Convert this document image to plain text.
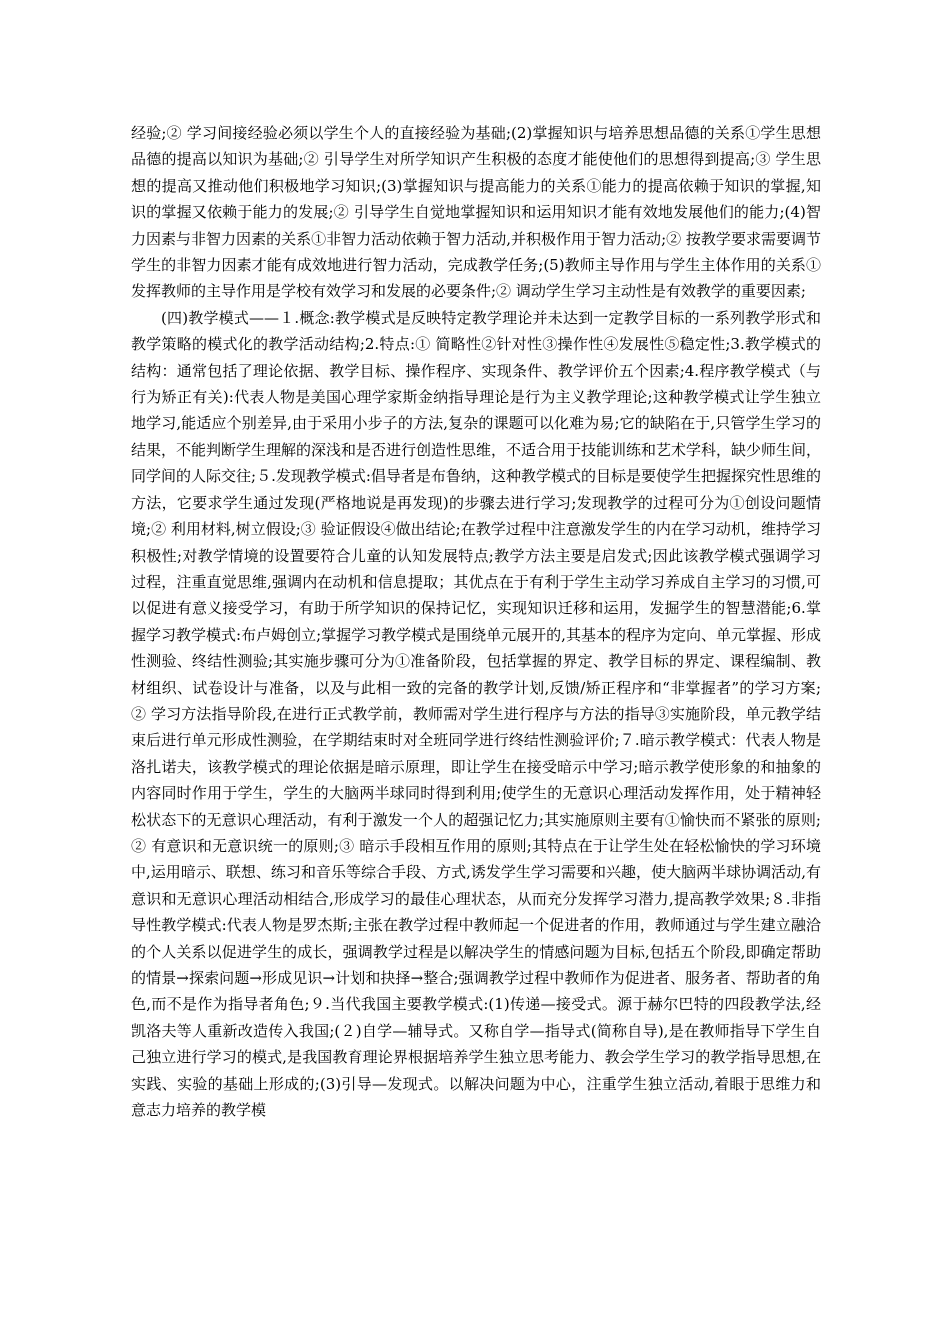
经验;② 学习间接经验必须以学生个人的直接经验为基础;(2)掌握知识与培养思想品德的关系①学生思想品德的提高以知识为基础;② 引导学生对所学知识产生积极的态度才能使他们的思想得到提高;③ 学生思想的提高又推动他们积极地学习知识;(3)掌握知识与提高能力的关系①能力的提高依赖于知识的掌握,知识的掌握又依赖于能力的发展;② 引导学生自觉地掌握知识和运用知识才能有效地发展他们的能力;(4)智力因素与非智力因素的关系①非智力活动依赖于智力活动,并积极作用于智力活动;② 按教学要求需要调节学生的非智力因素才能有成效地进行智力活动，完成教学任务;(5)教师主导作用与学生主体作用的关系①发挥教师的主导作用是学校有效学习和发展的必要条件;② 调动学生学习主动性是有效教学的重要因素;

(四)教学模式——１.概念:教学模式是反映特定教学理论并未达到一定教学目标的一系列教学形式和教学策略的模式化的教学活动结构;2.特点:① 简略性②针对性③操作性④发展性⑤稳定性;3.教学模式的结构：通常包括了理论依据、教学目标、操作程序、实现条件、教学评价五个因素;4.程序教学模式（与行为矫正有关):代表人物是美国心理学家斯金纳指导理论是行为主义教学理论;这种教学模式让学生独立地学习,能适应个别差异,由于采用小步子的方法,复杂的课题可以化难为易;它的缺陷在于,只管学生学习的结果，不能判断学生理解的深浅和是否进行创造性思维，不适合用于技能训练和艺术学科，缺少师生间，同学间的人际交往;５.发现教学模式:倡导者是布鲁纳，这种教学模式的目标是要使学生把握探究性思维的方法，它要求学生通过发现(严格地说是再发现)的步骤去进行学习;发现教学的过程可分为①创设问题情境;② 利用材料,树立假设;③ 验证假设④做出结论;在教学过程中注意激发学生的内在学习动机，维持学习积极性;对教学情境的设置要符合儿童的认知发展特点;教学方法主要是启发式;因此该教学模式强调学习过程，注重直觉思维,强调内在动机和信息提取；其优点在于有利于学生主动学习养成自主学习的习惯,可以促进有意义接受学习，有助于所学知识的保持记忆，实现知识迁移和运用，发掘学生的智慧潜能;6.掌握学习教学模式:布卢姆创立;掌握学习教学模式是围绕单元展开的,其基本的程序为定向、单元掌握、形成性测验、终结性测验;其实施步骤可分为①准备阶段，包括掌握的界定、教学目标的界定、课程编制、教材组织、试卷设计与准备，以及与此相一致的完备的教学计划,反馈/矫正程序和“非掌握者”的学习方案;② 学习方法指导阶段,在进行正式教学前，教师需对学生进行程序与方法的指导③实施阶段，单元教学结束后进行单元形成性测验，在学期结束时对全班同学进行终结性测验评价;７.暗示教学模式：代表人物是洛扎诺夫，该教学模式的理论依据是暗示原理，即让学生在接受暗示中学习;暗示教学使形象的和抽象的内容同时作用于学生，学生的大脑两半球同时得到利用;使学生的无意识心理活动发挥作用，处于精神轻松状态下的无意识心理活动，有利于激发一个人的超强记忆力;其实施原则主要有①愉快而不紧张的原则;② 有意识和无意识统一的原则;③ 暗示手段相互作用的原则;其特点在于让学生处在轻松愉快的学习环境中,运用暗示、联想、练习和音乐等综合手段、方式,诱发学生学习需要和兴趣，使大脑两半球协调活动,有意识和无意识心理活动相结合,形成学习的最佳心理状态，从而充分发挥学习潜力,提高教学效果;８.非指导性教学模式:代表人物是罗杰斯;主张在教学过程中教师起一个促进者的作用，教师通过与学生建立融洽的个人关系以促进学生的成长，强调教学过程是以解决学生的情感问题为目标,包括五个阶段,即确定帮助的情景→探索问题→形成见识→计划和抉择→整合;强调教学过程中教师作为促进者、服务者、帮助者的角色,而不是作为指导者角色;９.当代我国主要教学模式:(1)传递—接受式。源于赫尔巴特的四段教学法,经凯洛夫等人重新改造传入我国;(２)自学—辅导式。又称自学—指导式(简称自导),是在教师指导下学生自己独立进行学习的模式,是我国教育理论界根据培养学生独立思考能力、教会学生学习的教学指导思想,在实践、实验的基础上形成的;(3)引导—发现式。以解决问题为中心，注重学生独立活动,着眼于思维力和意志力培养的教学模
